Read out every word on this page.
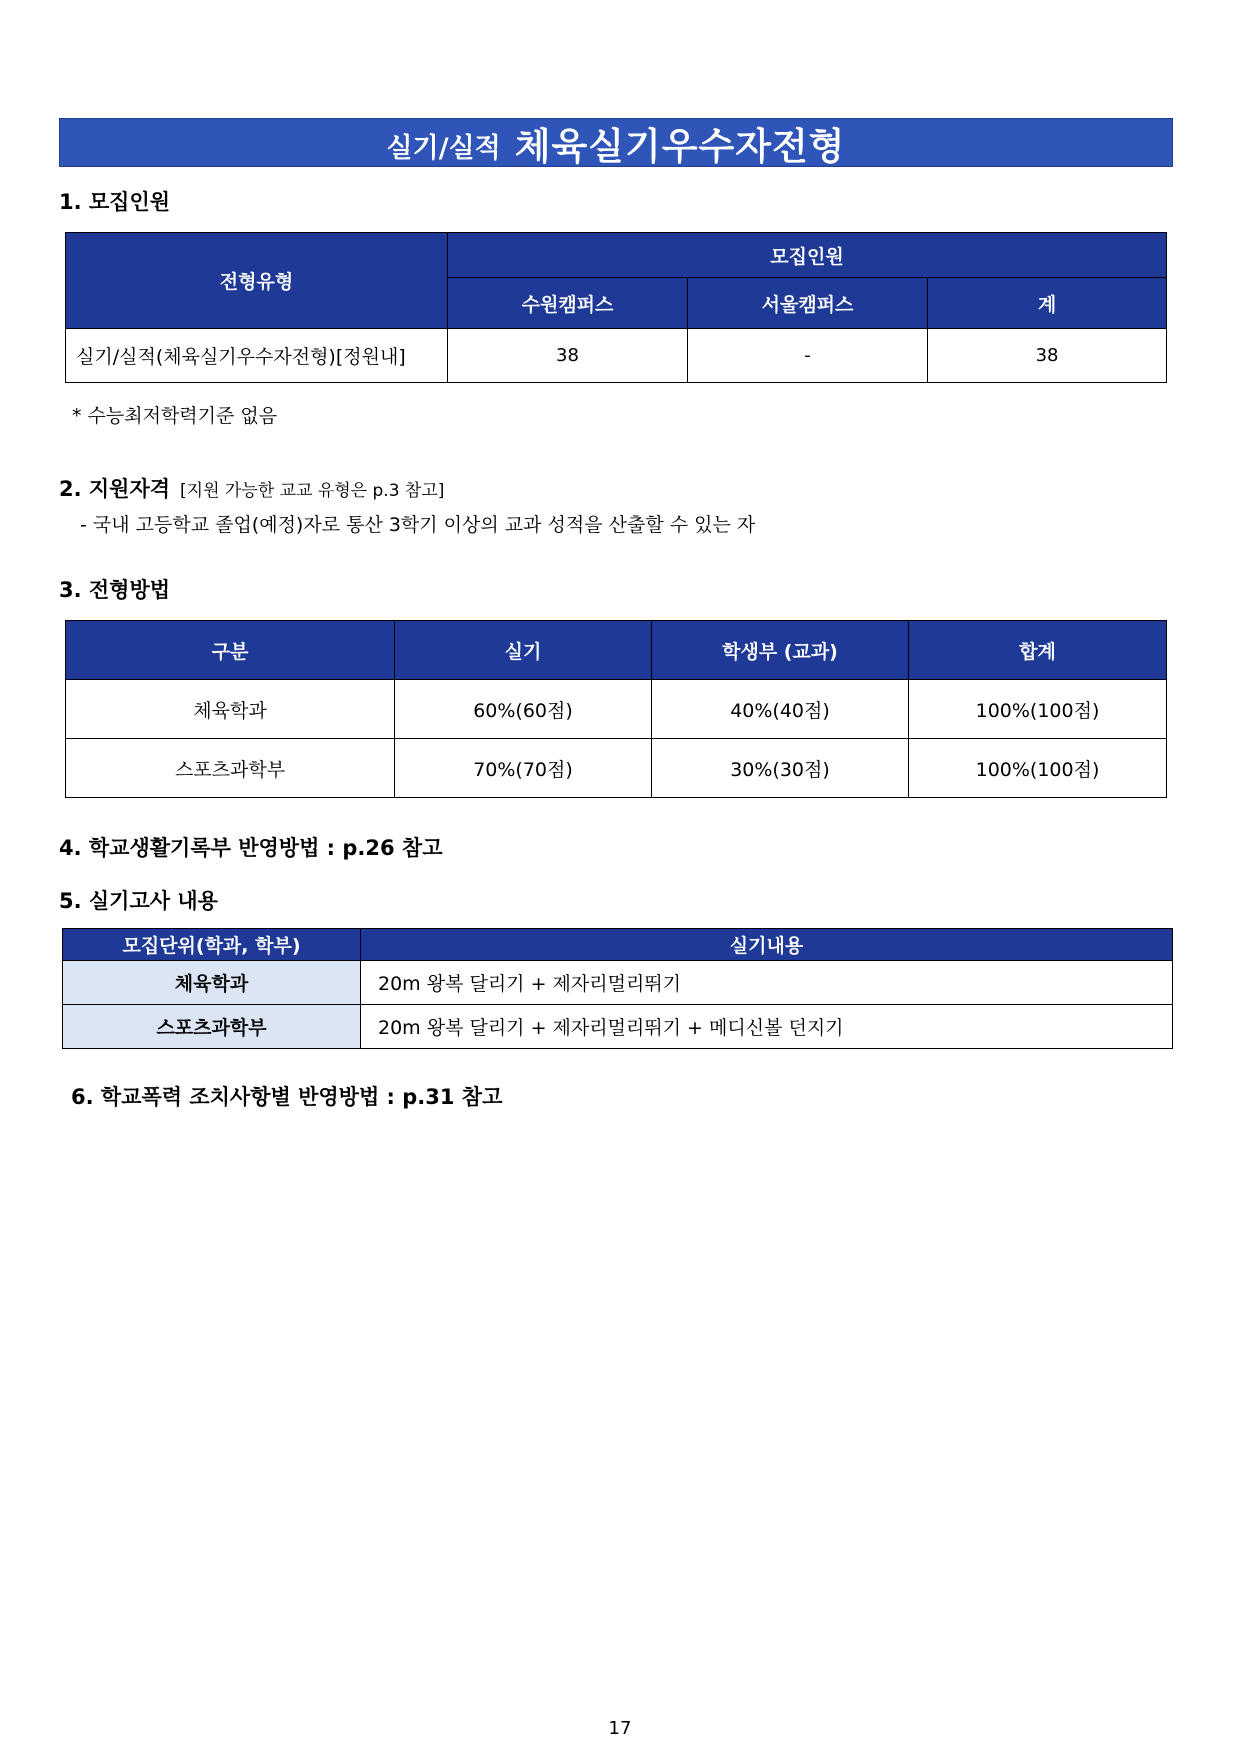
실기/실적 체육실기우수자전형
1. 모집인원
전형유형	모집인원		
	수원캠퍼스	서울캠퍼스	계
실기/실적(체육실기우수자전형)[정원내]	38	-	38
* 수능최저학력기준 없음
2. 지원자격 [지원 가능한 교교 유형은 p.3 참고]
- 국내 고등학교 졸업(예정)자로 통산 3학기 이상의 교과 성적을 산출할 수 있는 자
3. 전형방법
구분	실기	학생부 (교과)	합계
체육학과	60%(60점)	40%(40점)	100%(100점)
스포츠과학부	70%(70점)	30%(30점)	100%(100점)
4. 학교생활기록부 반영방법 : p.26 참고
5. 실기고사 내용
모집단위(학과, 학부)	실기내용
체육학과	20m 왕복 달리기 + 제자리멀리뛰기
스포츠과학부	20m 왕복 달리기 + 제자리멀리뛰기 + 메디신볼 던지기
6. 학교폭력 조치사항별 반영방법 : p.31 참고
17
